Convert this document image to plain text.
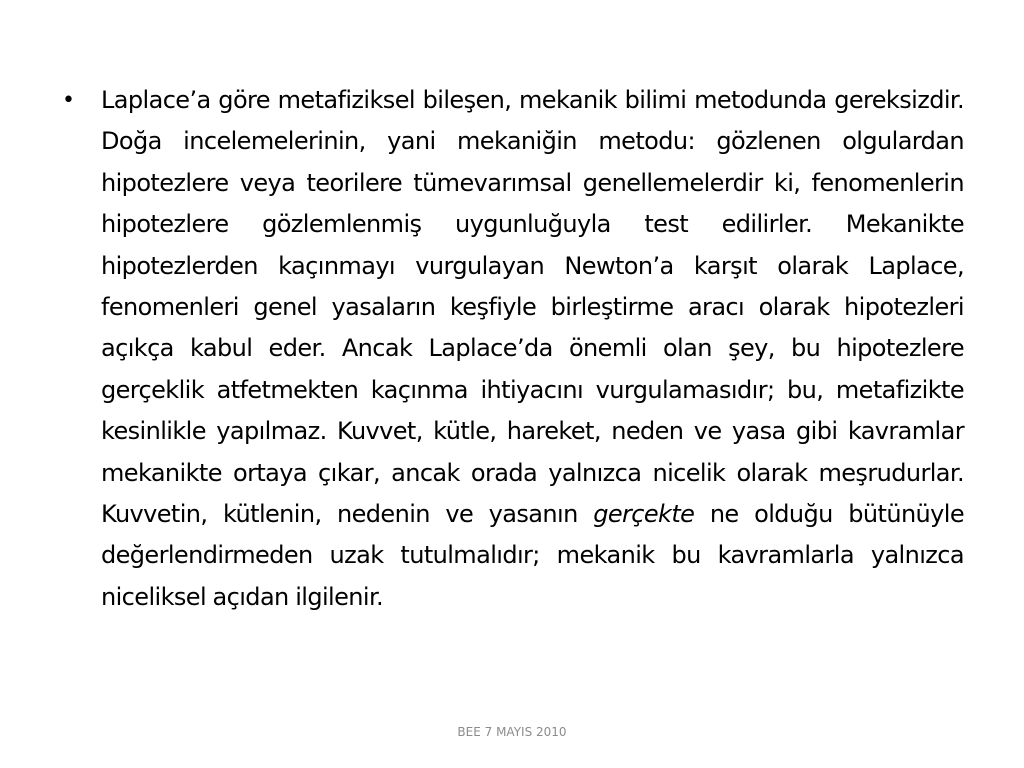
•	Laplace’a göre metafiziksel bileşen, mekanik bilimi metodunda gereksizdir. Doğa incelemelerinin, yani mekaniğin metodu: gözlenen olgulardan hipotezlere veya teorilere tümevarımsal genellemelerdir ki, fenomenlerin hipotezlere gözlemlenmiş uygunluğuyla test edilirler. Mekanikte hipotezlerden kaçınmayı vurgulayan Newton’a karşıt olarak Laplace, fenomenleri genel yasaların keşfiyle birleştirme aracı olarak hipotezleri açıkça kabul eder. Ancak Laplace’da önemli olan şey, bu hipotezlere gerçeklik atfetmekten kaçınma ihtiyacını vurgulamasıdır; bu, metafizikte kesinlikle yapılmaz. Kuvvet, kütle, hareket, neden ve yasa gibi kavramlar mekanikte ortaya çıkar, ancak orada yalnızca nicelik olarak meşrudurlar. Kuvvetin, kütlenin, nedenin ve yasanın gerçekte ne olduğu bütünüyle değerlendirmeden uzak tutulmalıdır; mekanik bu kavramlarla yalnızca niceliksel açıdan ilgilenir.

BEE 7 MAYIS 2010
